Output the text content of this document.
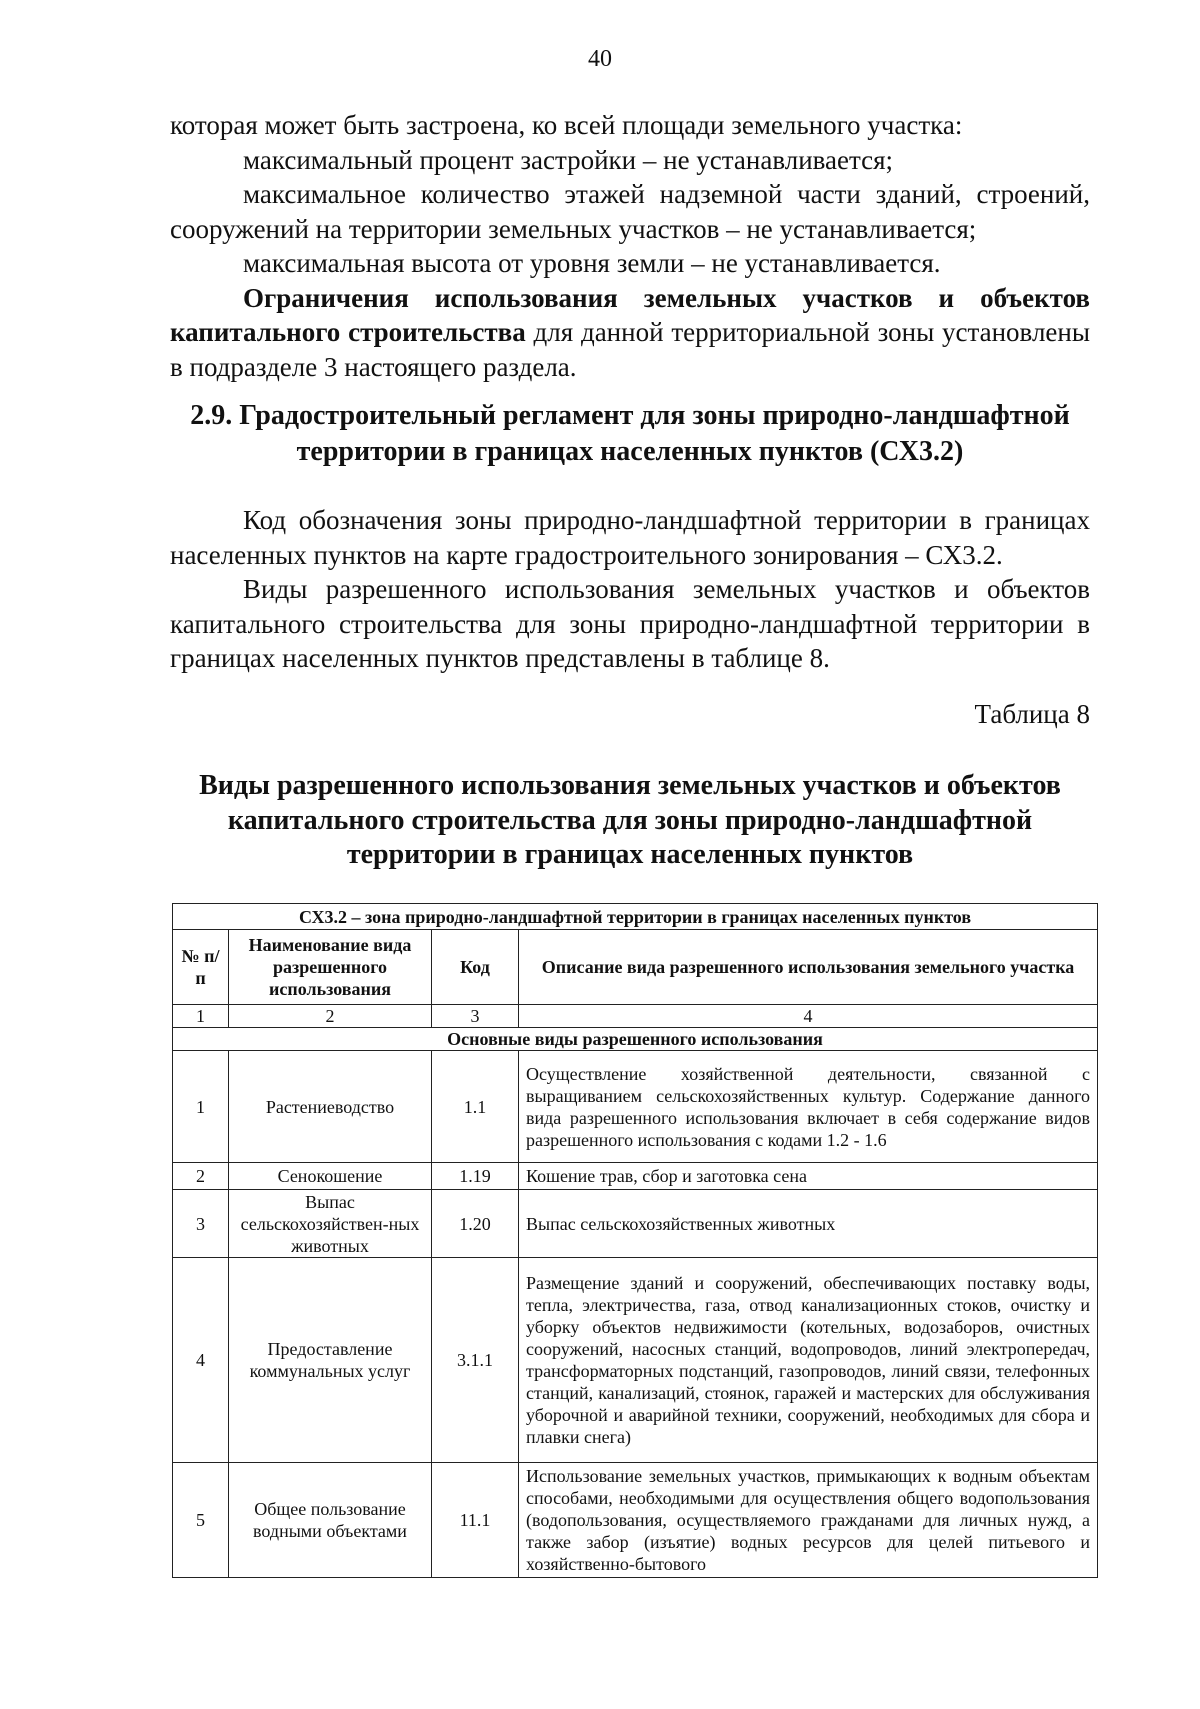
40

которая может быть застроена, ко всей площади земельного участка:

максимальный процент застройки – не устанавливается;

максимальное количество этажей надземной части зданий, строений,

сооружений на территории земельных участков – не устанавливается;

максимальная высота от уровня земли – не устанавливается.

Ограничения использования земельных участков и объектов капитального строительства для данной территориальной зоны установлены в подразделе 3 настоящего раздела.

2.9. Градостроительный регламент для зоны природно-ландшафтной
территории в границах населенных пунктов (СХ3.2)

Код обозначения зоны природно-ландшафтной территории в границах населенных пунктов на карте градостроительного зонирования – СХ3.2.

Виды разрешенного использования земельных участков и объектов капитального строительства для зоны природно-ландшафтной территории в границах населенных пунктов представлены в таблице 8.

Таблица 8
Виды разрешенного использования земельных участков и объектов
капитального строительства для зоны природно-ландшафтной
территории в границах населенных пунктов
СХ3.2 – зона природно-ландшафтной территории в границах населенных пунктов			
№ п/п	Наименование вида разрешенного использования	Код	Описание вида разрешенного использования земельного участка
1	2	3	4
Основные виды разрешенного использования			
1	Растениеводство	1.1	Осуществление хозяйственной деятельности, связанной с выращиванием сельскохозяйственных культур. Содержание данного вида разрешенного использования включает в себя содержание видов разрешенного использования с кодами 1.2 - 1.6
2	Сенокошение	1.19	Кошение трав, сбор и заготовка сена
3	Выпас сельскохозяйствен-ных животных	1.20	Выпас сельскохозяйственных животных
4	Предоставление коммунальных услуг	3.1.1	Размещение зданий и сооружений, обеспечивающих поставку воды, тепла, электричества, газа, отвод канализационных стоков, очистку и уборку объектов недвижимости (котельных, водозаборов, очистных сооружений, насосных станций, водопроводов, линий электропередач, трансформаторных подстанций, газопроводов, линий связи, телефонных станций, канализаций, стоянок, гаражей и мастерских для обслуживания уборочной и аварийной техники, сооружений, необходимых для сбора и плавки снега)
5	Общее пользование водными объектами	11.1	Использование земельных участков, примыкающих к водным объектам способами, необходимыми для осуществления общего водопользования (водопользования, осуществляемого гражданами для личных нужд, а также забор (изъятие) водных ресурсов для целей питьевого и хозяйственно-бытового
